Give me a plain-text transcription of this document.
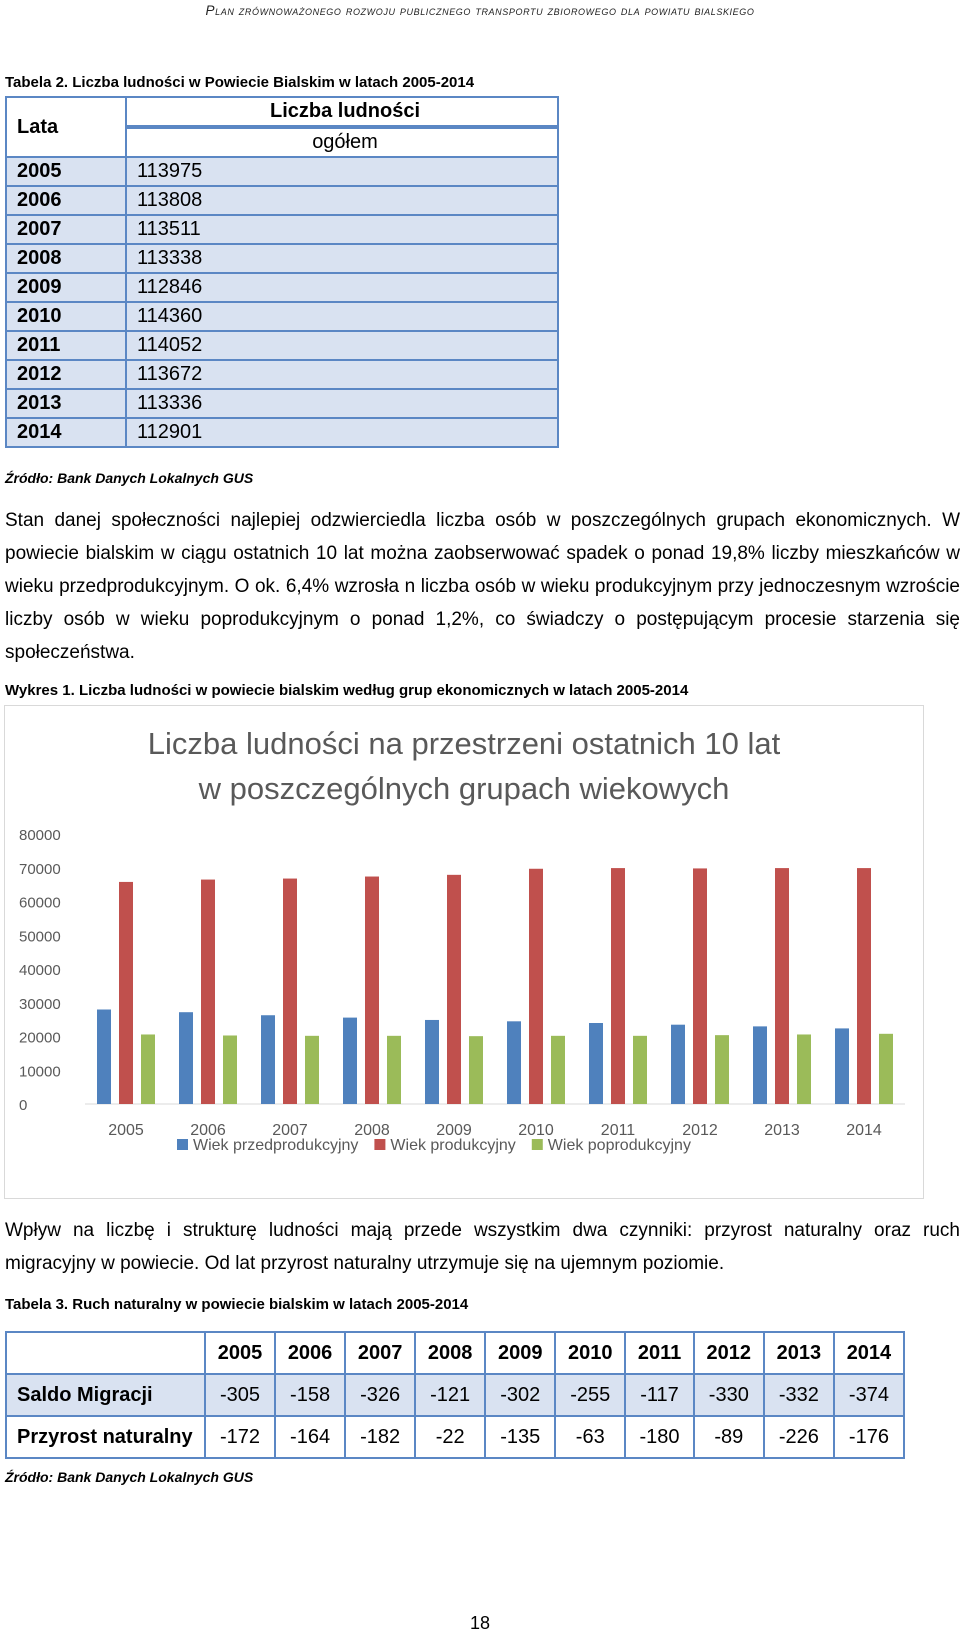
Plan zrównoważonego rozwoju publicznego transportu zbiorowego dla powiatu bialskiego
Tabela 2. Liczba ludności w Powiecie Bialskim w latach 2005-2014
Lata	Liczba ludności
	ogółem
2005	113975
2006	113808
2007	113511
2008	113338
2009	112846
2010	114360
2011	114052
2012	113672
2013	113336
2014	112901
Źródło: Bank Danych Lokalnych GUS
Stan danej społeczności najlepiej odzwierciedla liczba osób w poszczególnych grupach ekonomicznych. W powiecie bialskim w ciągu ostatnich 10 lat można zaobserwować spadek o ponad 19,8% liczby mieszkańców w wieku przedprodukcyjnym. O ok. 6,4% wzrosła n liczba osób w wieku produkcyjnym przy jednoczesnym wzroście liczby osób w wieku poprodukcyjnym o ponad 1,2%, co świadczy o postępującym procesie starzenia się społeczeństwa.
Wykres 1. Liczba ludności w powiecie bialskim według grup ekonomicznych w latach 2005-2014
Liczba ludności na przestrzeni ostatnich 10 lat
w poszczególnych grupach wiekowych
0
10000
20000
30000
40000
50000
60000
70000
80000
2005	2006	2007	2008	2009	2010	2011	2012	2013	2014
Wiek przedprodukcyjny Wiek produkcyjny Wiek poprodukcyjny
Wpływ na liczbę i strukturę ludności mają przede wszystkim dwa czynniki: przyrost naturalny oraz ruch migracyjny w powiecie. Od lat przyrost naturalny utrzymuje się na ujemnym poziomie.
Tabela 3. Ruch naturalny w powiecie bialskim w latach 2005-2014
	2005	2006	2007	2008	2009	2010	2011	2012	2013	2014
Saldo Migracji	-305	-158	-326	-121	-302	-255	-117	-330	-332	-374
Przyrost naturalny	-172	-164	-182	-22	-135	-63	-180	-89	-226	-176
Źródło: Bank Danych Lokalnych GUS
18
